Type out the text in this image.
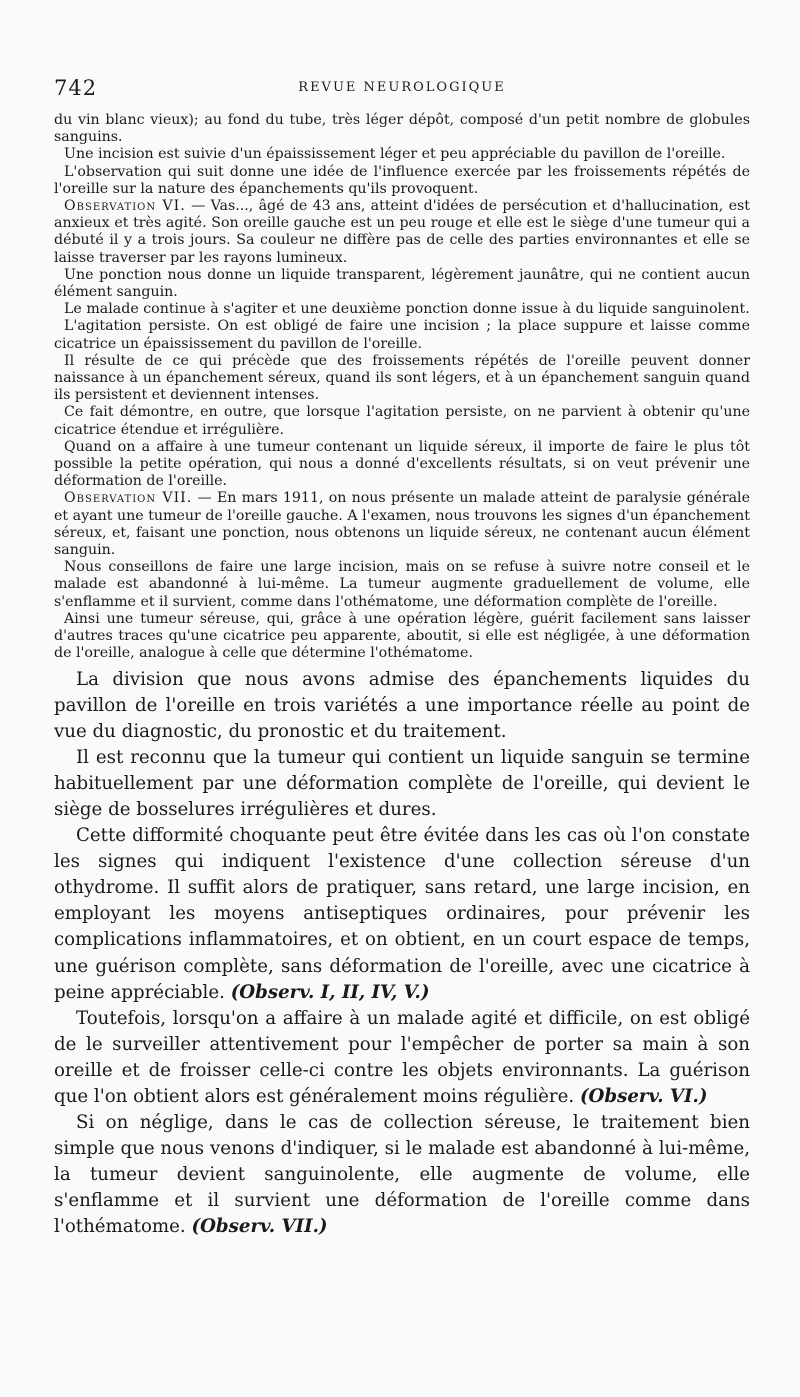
742	REVUE NEUROLOGIQUE

du vin blanc vieux); au fond du tube, très léger dépôt, composé d'un petit nombre de globules sanguins.

Une incision est suivie d'un épaississement léger et peu appréciable du pavillon de l'oreille.

L'observation qui suit donne une idée de l'influence exercée par les froissements répétés de l'oreille sur la nature des épanchements qu'ils provoquent.

Observation VI. — Vas..., âgé de 43 ans, atteint d'idées de persécution et d'hallucination, est anxieux et très agité. Son oreille gauche est un peu rouge et elle est le siège d'une tumeur qui a débuté il y a trois jours. Sa couleur ne diffère pas de celle des parties environnantes et elle se laisse traverser par les rayons lumineux.

Une ponction nous donne un liquide transparent, légèrement jaunâtre, qui ne contient aucun élément sanguin.

Le malade continue à s'agiter et une deuxième ponction donne issue à du liquide sanguinolent.

L'agitation persiste. On est obligé de faire une incision ; la place suppure et laisse comme cicatrice un épaississement du pavillon de l'oreille.

Il résulte de ce qui précède que des froissements répétés de l'oreille peuvent donner naissance à un épanchement séreux, quand ils sont légers, et à un épanchement sanguin quand ils persistent et deviennent intenses.

Ce fait démontre, en outre, que lorsque l'agitation persiste, on ne parvient à obtenir qu'une cicatrice étendue et irrégulière.

Quand on a affaire à une tumeur contenant un liquide séreux, il importe de faire le plus tôt possible la petite opération, qui nous a donné d'excellents résultats, si on veut prévenir une déformation de l'oreille.

Observation VII. — En mars 1911, on nous présente un malade atteint de paralysie générale et ayant une tumeur de l'oreille gauche. A l'examen, nous trouvons les signes d'un épanchement séreux, et, faisant une ponction, nous obtenons un liquide séreux, ne contenant aucun élément sanguin.

Nous conseillons de faire une large incision, mais on se refuse à suivre notre conseil et le malade est abandonné à lui-même. La tumeur augmente graduellement de volume, elle s'enflamme et il survient, comme dans l'othématome, une déformation complète de l'oreille.

Ainsi une tumeur séreuse, qui, grâce à une opération légère, guérit facilement sans laisser d'autres traces qu'une cicatrice peu apparente, aboutit, si elle est négligée, à une déformation de l'oreille, analogue à celle que détermine l'othématome.

La division que nous avons admise des épanchements liquides du pavillon de l'oreille en trois variétés a une importance réelle au point de vue du diagnostic, du pronostic et du traitement.

Il est reconnu que la tumeur qui contient un liquide sanguin se termine habituellement par une déformation complète de l'oreille, qui devient le siège de bosselures irrégulières et dures.

Cette difformité choquante peut être évitée dans les cas où l'on constate les signes qui indiquent l'existence d'une collection séreuse d'un othydrome. Il suffit alors de pratiquer, sans retard, une large incision, en employant les moyens antiseptiques ordinaires, pour prévenir les complications inflammatoires, et on obtient, en un court espace de temps, une guérison complète, sans déformation de l'oreille, avec une cicatrice à peine appréciable. (Observ. I, II, IV, V.)

Toutefois, lorsqu'on a affaire à un malade agité et difficile, on est obligé de le surveiller attentivement pour l'empêcher de porter sa main à son oreille et de froisser celle-ci contre les objets environnants. La guérison que l'on obtient alors est généralement moins régulière. (Observ. VI.)

Si on néglige, dans le cas de collection séreuse, le traitement bien simple que nous venons d'indiquer, si le malade est abandonné à lui-même, la tumeur devient sanguinolente, elle augmente de volume, elle s'enflamme et il survient une déformation de l'oreille comme dans l'othématome. (Observ. VII.)
